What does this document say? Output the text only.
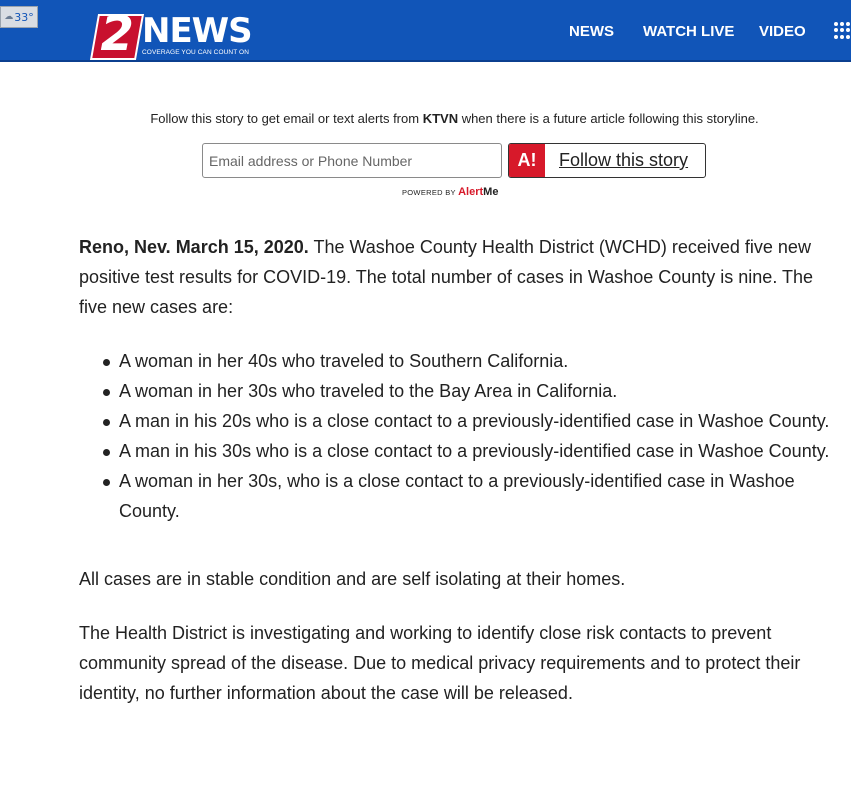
☁ 33° 2 NEWS
COVERAGE YOU CAN COUNT ON
NEWS WATCH LIVE VIDEO
Follow this story to get email or text alerts from KTVN when there is a future article following this storyline.
Email address or Phone Number
A!	Follow this story
POWERED BY AlertMe

Reno, Nev. March 15, 2020. The Washoe County Health District (WCHD) received five new positive test results for COVID-19. The total number of cases in Washoe County is nine. The five new cases are:

A woman in her 40s who traveled to Southern California.
A woman in her 30s who traveled to the Bay Area in California.
A man in his 20s who is a close contact to a previously-identified case in Washoe County.
A man in his 30s who is a close contact to a previously-identified case in Washoe County.
A woman in her 30s, who is a close contact to a previously-identified case in Washoe County.

All cases are in stable condition and are self isolating at their homes.

The Health District is investigating and working to identify close risk contacts to prevent community spread of the disease. Due to medical privacy requirements and to protect their identity, no further information about the case will be released.
